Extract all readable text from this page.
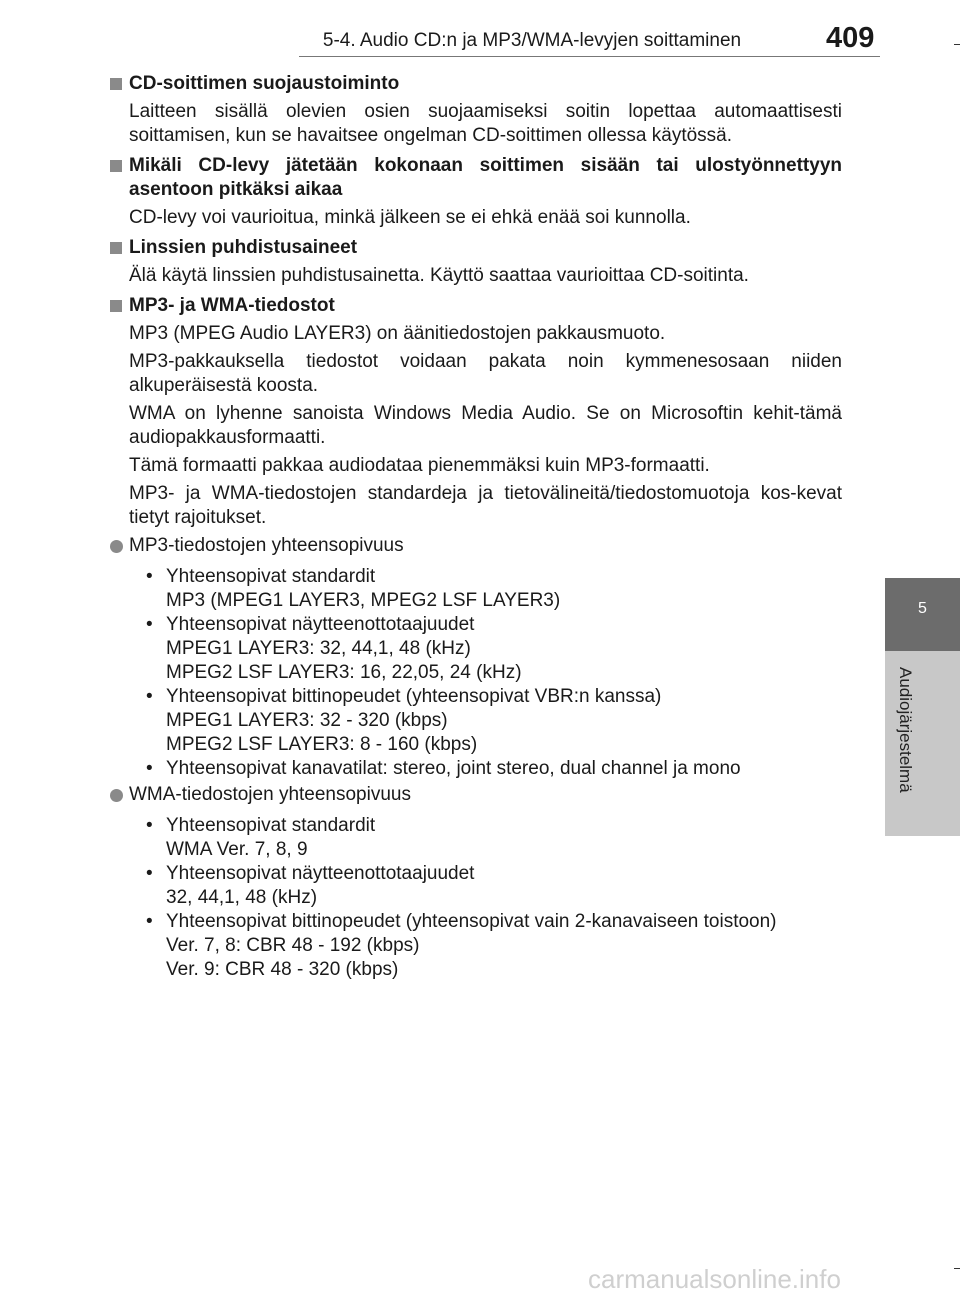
5-4. Audio CD:n ja MP3/WMA-levyjen soittaminen	409
5
Audiojärjestelmä
CD-soittimen suojaustoiminto
Laitteen sisällä olevien osien suojaamiseksi soitin lopettaa automaattisesti soittamisen, kun se havaitsee ongelman CD-soittimen ollessa käytössä.
Mikäli CD-levy jätetään kokonaan soittimen sisään tai ulostyönnettyyn asentoon pitkäksi aikaa
CD-levy voi vaurioitua, minkä jälkeen se ei ehkä enää soi kunnolla.
Linssien puhdistusaineet
Älä käytä linssien puhdistusainetta. Käyttö saattaa vaurioittaa CD-soitinta.
MP3- ja WMA-tiedostot
MP3 (MPEG Audio LAYER3) on äänitiedostojen pakkausmuoto.
MP3-pakkauksella tiedostot voidaan pakata noin kymmenesosaan niiden alkuperäisestä koosta.
WMA on lyhenne sanoista Windows Media Audio. Se on Microsoftin kehit-tämä audiopakkausformaatti.
Tämä formaatti pakkaa audiodataa pienemmäksi kuin MP3-formaatti.
MP3- ja WMA-tiedostojen standardeja ja tietovälineitä/tiedostomuotoja kos-kevat tietyt rajoitukset.
MP3-tiedostojen yhteensopivuus
• Yhteensopivat standardit
MP3 (MPEG1 LAYER3, MPEG2 LSF LAYER3)
• Yhteensopivat näytteenottotaajuudet
MPEG1 LAYER3: 32, 44,1, 48 (kHz)
MPEG2 LSF LAYER3: 16, 22,05, 24 (kHz)
• Yhteensopivat bittinopeudet (yhteensopivat VBR:n kanssa)
MPEG1 LAYER3: 32 - 320 (kbps)
MPEG2 LSF LAYER3: 8 - 160 (kbps)
• Yhteensopivat kanavatilat: stereo, joint stereo, dual channel ja mono
WMA-tiedostojen yhteensopivuus
• Yhteensopivat standardit
WMA Ver. 7, 8, 9
• Yhteensopivat näytteenottotaajuudet
32, 44,1, 48 (kHz)
• Yhteensopivat bittinopeudet (yhteensopivat vain 2-kanavaiseen toistoon)
Ver. 7, 8: CBR 48 - 192 (kbps)
Ver. 9: CBR 48 - 320 (kbps)
carmanualsonline.info
